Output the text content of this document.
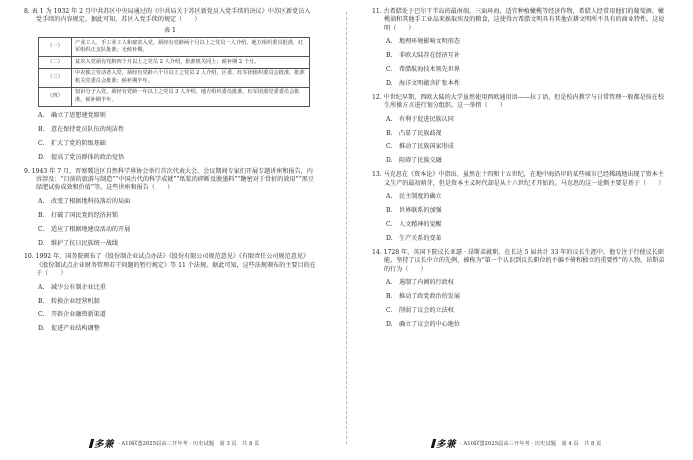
8. 表 1 为 1932 年 2 月中共苏区中央局通过的《中共局关于苏区新党员入党手续的决议》中苏区新党员入党手续的内容规定。据此可知，苏区入党手续的规定（　　）

表 1
（一）	产业工人、手工业工人和雇农入党，须经有党龄两个月以上之党员一人介绍，地方组织委员批准，红军组织正支队批准；无候补期。
（二）	贫农入党须有党龄四个月以上之党员 2 人介绍，批准机关同上；候补期 2 个月。
（三）	中农独立劳动者入党，须经有党龄六个月以上之党员 2 人介绍，区委、红军团组织委员会批准，批准机关党委员会批准；候补期半年。
（四）	知识分子入党，须经有党龄一年以上之党员 3 人介绍，地方组织委员批准，红军团部党委委员会批准，候补期半年。
A. 确立了思想建党原则
B. 意在保持党员队伍的纯洁性
C. 扩大了党的阶级基础
D. 提高了党员群体的政治觉悟

9. 1943 年 7 月，晋察冀边区自然科学界协会举行首次代表大会，会议期间专家们开展专题讲座和报告，内容涉及：“目前的旅游与制造”“中国古代的科学成就”“纸浆的碎断及脱墨料”“糖密对于骨折的效用”“黑豆绿肥试验成效和价值”等。这些讲座和报告（　　）

A. 改变了根据地科技落后的局面
B. 打破了国民党的经济封锁
C. 适应了根据地建设活动的开展
D. 维护了抗日民族统一战线

10. 1992 年，国务院颁布了《股份制企业试点办法》《股份有限公司规范意见》《有限责任公司规范意见》《股份制试点企业财务管理若干问题的暂行规定》等 11 个法规。据此可知，这些法规颁布的主要目的在于（　　）

A. 减少公有制企业比重
B. 转换企业经营机制
C. 开辟企业融资新渠道
D. 促进产业结构调整

11. 古希腊处于巴尔干半岛的最南端，三面环海，适宜种植橄榄等经济作物，希腊人经常用他们的葡萄酒、橄榄油和其他手工业品来换取埃及的粮食，这使得古希腊文明具有其他农耕文明所不具有的商业特性。这说明（　　）

A. 地理环境影响文明形态
B. 非欧大陆存在经济互补
C. 希腊航海技术领先世界
D. 海洋文明蕴含扩张本性

12. 中世纪早期，西欧大陆的大学虽然使用西欧通用语——拉丁语，但是校内教学与日常管理一般都是按在校生所操方言进行划分组织。这一举措（　　）

A. 有利于促进民族认同
B. 凸显了民族歧视
C. 推动了民族国家形成
D. 阻碍了民族交融

13. 马克思在《资本论》中指出，虽然在十四和十五世纪，在地中海沿岸的某些城市已经稀疏地出现了资本主义生产的最初萌芽，但是资本主义时代却是从十六世纪才开始的。马克思的这一论断主要是基于（　　）

A. 民主制度的确立
B. 世界联系的加强
C. 人文精神的觉醒
D. 生产关系的变革

14. 1728 年，英国下院议长亚瑟 · 昂斯弟就职。在长达 5 届共计 33 年的议长生涯中，他专注于行使议长职能，坚持了议长中立的先例，被称为“第一个认识到议长职位的不偏不倚和独立的重要性”的人物。昂斯弟的行为（　　）

A. 遏制了内阁的行政权
B. 推动了政党政治的发展
C. 削弱了议会的立法权
D. 确立了议会的中心地位
多兼 · A10联盟2025届高三开年考 · 历史试题　第 3 页　共 8 页	多兼 · A10联盟2025届高三开年考 · 历史试题　第 4 页　共 8 页
